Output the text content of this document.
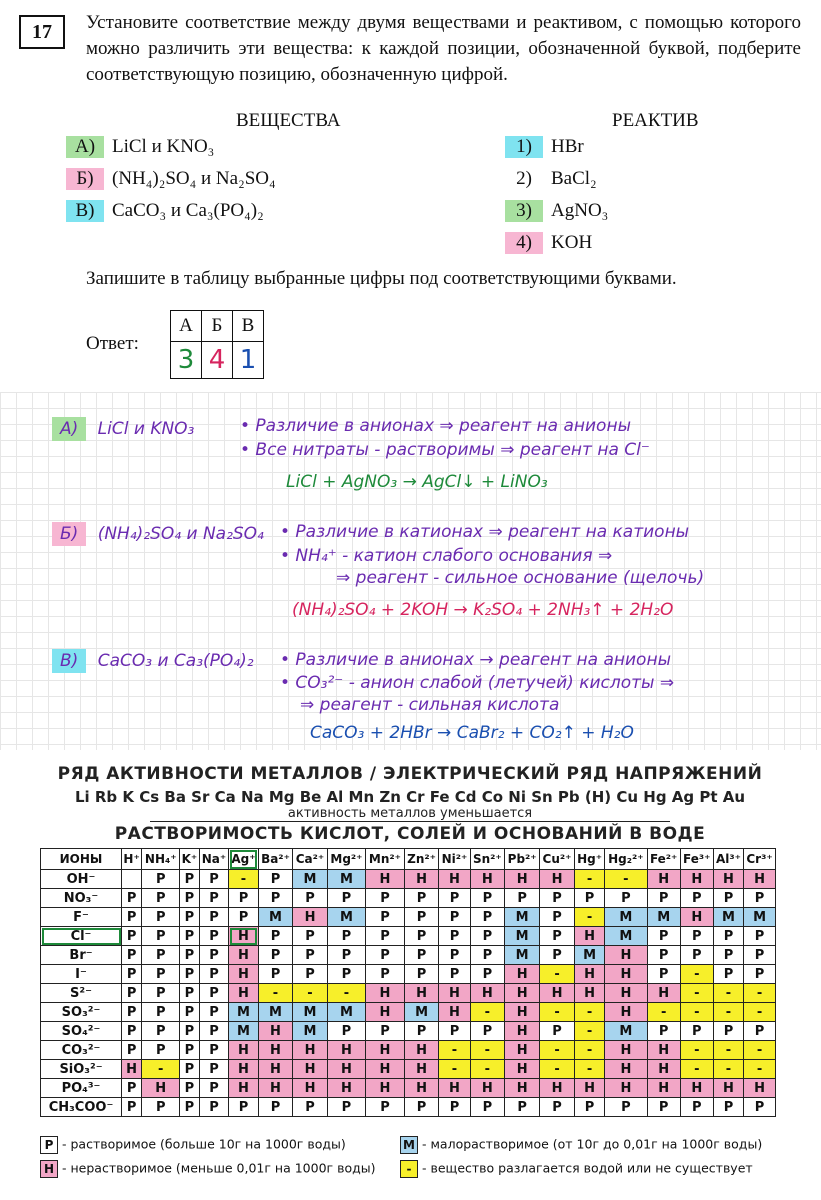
17	Установите соответствие между двумя веществами и реактивом, с помощью которого можно различить эти вещества: к каждой позиции, обозначенной буквой, подберите соответствующую позицию, обозначенную цифрой.
ВЕЩЕСТВА	РЕАКТИВ
А) LiCl и KNO₃
Б) (NH₄)₂SO₄ и Na₂SO₄
В) CaCO₃ и Ca₃(PO₄)₂
1)	HBr
2)	BaCl₂
3)	AgNO₃
4)	KOH
Запишите в таблицу выбранные цифры под соответствующими буквами.
Ответ:
А	Б	В
3	4	1
А) LiCl и KNO₃	• Различие в анионах ⇒ реагент на анионы
• Все нитраты - растворимы ⇒ реагент на Cl⁻
LiCl + AgNO₃ → AgCl↓ + LiNO₃
Б) (NH₄)₂SO₄ и Na₂SO₄ • Различие в катионах ⇒ реагент на катионы
• NH₄⁺ - катион слабого основания ⇒
⇒ реагент - сильное основание (щелочь)
(NH₄)₂SO₄ + 2KOH → K₂SO₄ + 2NH₃↑ + 2H₂O
В) CaCO₃ и Ca₃(PO₄)₂ • Различие в анионах → реагент на анионы
• CO₃²⁻ - анион слабой (летучей) кислоты ⇒
⇒ реагент - сильная кислота
CaCO₃ + 2HBr → CaBr₂ + CO₂↑ + H₂O
РЯД АКТИВНОСТИ МЕТАЛЛОВ / ЭЛЕКТРИЧЕСКИЙ РЯД НАПРЯЖЕНИЙ
Li Rb K Cs Ba Sr Ca Na Mg Be Al Mn Zn Cr Fe Cd Co Ni Sn Pb (H) Cu Hg Ag Pt Au
активность металлов уменьшается
РАСТВОРИМОСТЬ КИСЛОТ, СОЛЕЙ И ОСНОВАНИЙ В ВОДЕ
ИОНЫ	H⁺	NH₄⁺	K⁺	Na⁺	Ag⁺	Ba²⁺	Ca²⁺	Mg²⁺	Mn²⁺	Zn²⁺	Ni²⁺	Sn²⁺	Pb²⁺	Cu²⁺	Hg⁺	Hg₂²⁺	Fe²⁺	Fe³⁺	Al³⁺	Cr³⁺
OH⁻		P	P	P	-	P	M	M	H	H	H	H	H	H	-	-	H	H	H	H
NO₃⁻	P	P	P	P	P	P	P	P	P	P	P	P	P	P	P	P	P	P	P	P
F⁻	P	P	P	P	P	M	H	M	P	P	P	P	M	P	-	M	M	H	M	M
Cl⁻	P	P	P	P	H	P	P	P	P	P	P	P	M	P	H	M	P	P	P	P
Br⁻	P	P	P	P	H	P	P	P	P	P	P	P	M	P	M	H	P	P	P	P
I⁻	P	P	P	P	H	P	P	P	P	P	P	P	H	-	H	H	P	-	P	P
S²⁻	P	P	P	P	H	-	-	-	H	H	H	H	H	H	H	H	H	-	-	-
SO₃²⁻	P	P	P	P	M	M	M	M	H	M	H	-	H	-	-	H	-	-	-	-
SO₄²⁻	P	P	P	P	M	H	M	P	P	P	P	P	H	P	-	M	P	P	P	P
CO₃²⁻	P	P	P	P	H	H	H	H	H	H	-	-	H	-	-	H	H	-	-	-
SiO₃²⁻	H	-	P	P	H	H	H	H	H	H	-	-	H	-	-	H	H	-	-	-
PO₄³⁻	P	H	P	P	H	H	H	H	H	H	H	H	H	H	H	H	H	H	H	H
CH₃COO⁻	P	P	P	P	P	P	P	P	P	P	P	P	P	P	P	P	P	P	P	P
P - растворимое (больше 10г на 1000г воды)	M - малорастворимое (от 10г до 0,01г на 1000г воды)
H - нерастворимое (меньше 0,01г на 1000г воды)	- - вещество разлагается водой или не существует
